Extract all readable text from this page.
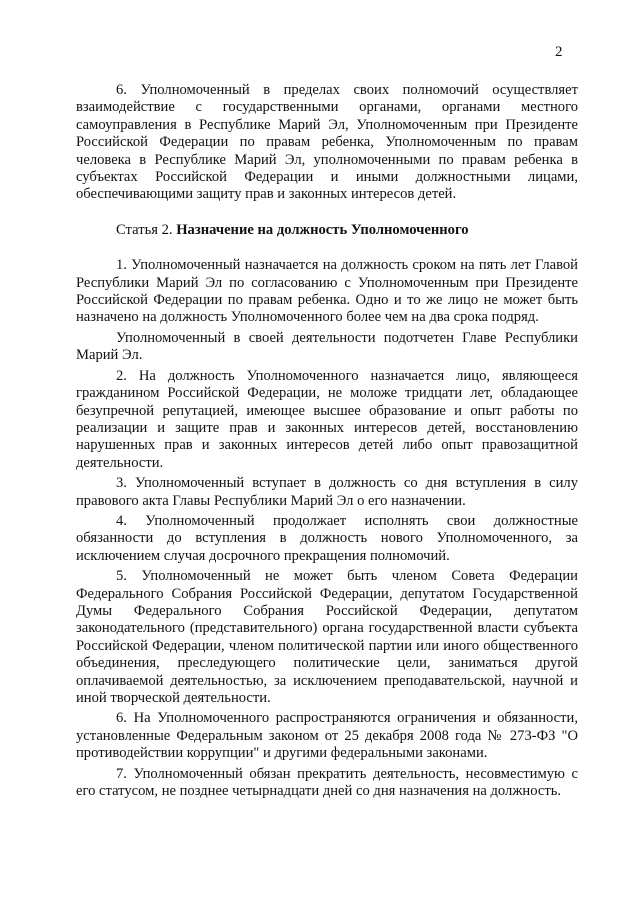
2

6. Уполномоченный в пределах своих полномочий осуществляет взаимодействие с государственными органами, органами местного самоуправления в Республике Марий Эл, Уполномоченным при Президенте Российской Федерации по правам ребенка, Уполномоченным по правам человека в Республике Марий Эл, уполномоченными по правам ребенка в субъектах Российской Федерации и иными должностными лицами, обеспечивающими защиту прав и законных интересов детей.

Статья 2. Назначение на должность Уполномоченного

1. Уполномоченный назначается на должность сроком на пять лет Главой Республики Марий Эл по согласованию с Уполномоченным при Президенте Российской Федерации по правам ребенка. Одно и то же лицо не может быть назначено на должность Уполномоченного более чем на два срока подряд.

Уполномоченный в своей деятельности подотчетен Главе Республики Марий Эл.

2. На должность Уполномоченного назначается лицо, являющееся гражданином Российской Федерации, не моложе тридцати лет, обладающее безупречной репутацией, имеющее высшее образование и опыт работы по реализации и защите прав и законных интересов детей, восстановлению нарушенных прав и законных интересов детей либо опыт правозащитной деятельности.

3. Уполномоченный вступает в должность со дня вступления в силу правового акта Главы Республики Марий Эл о его назначении.

4. Уполномоченный продолжает исполнять свои должностные обязанности до вступления в должность нового Уполномоченного, за исключением случая досрочного прекращения полномочий.

5. Уполномоченный не может быть членом Совета Федерации Федерального Собрания Российской Федерации, депутатом Государственной Думы Федерального Собрания Российской Федерации, депутатом законодательного (представительного) органа государственной власти субъекта Российской Федерации, членом политической партии или иного общественного объединения, преследующего политические цели, заниматься другой оплачиваемой деятельностью, за исключением преподавательской, научной и иной творческой деятельности.

6. На Уполномоченного распространяются ограничения и обязанности, установленные Федеральным законом от 25 декабря 2008 года № 273-ФЗ "О противодействии коррупции" и другими федеральными законами.

7. Уполномоченный обязан прекратить деятельность, несовместимую с его статусом, не позднее четырнадцати дней со дня назначения на должность.
